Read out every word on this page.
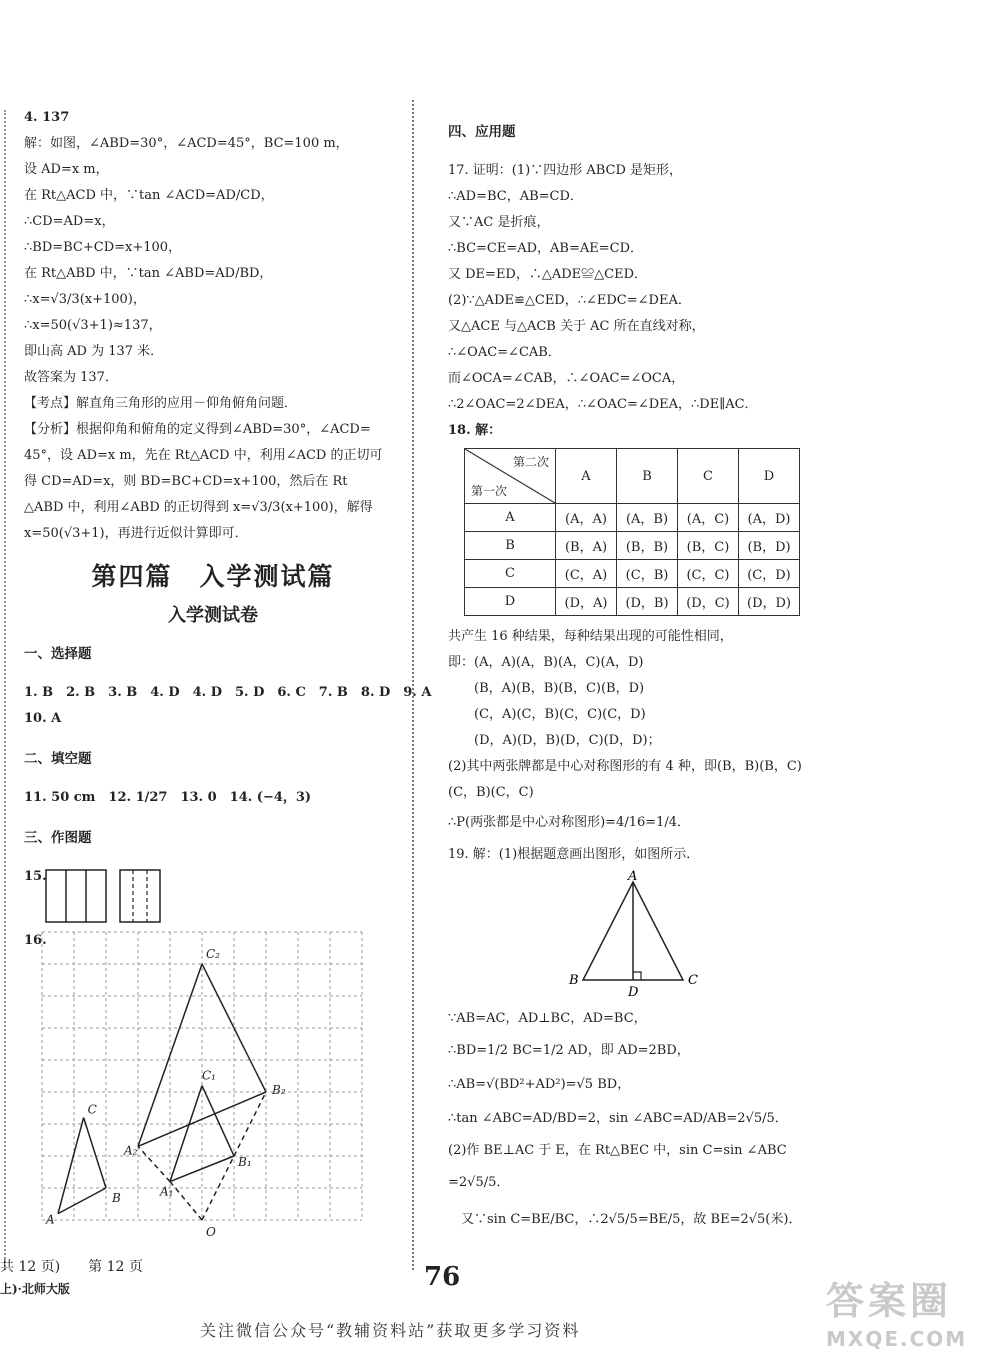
4. 137

解：如图，∠ABD=30°，∠ACD=45°，BC=100 m，

设 AD=x m，

在 Rt△ACD 中，∵tan ∠ACD=AD/CD，

∴CD=AD=x，

∴BD=BC+CD=x+100，

在 Rt△ABD 中，∵tan ∠ABD=AD/BD，

∴x=√3/3(x+100)，

∴x=50(√3+1)≈137，

即山高 AD 为 137 米．

故答案为 137．

【考点】解直角三角形的应用－仰角俯角问题．

【分析】根据仰角和俯角的定义得到∠ABD=30°，∠ACD=

45°，设 AD=x m，先在 Rt△ACD 中，利用∠ACD 的正切可

得 CD=AD=x，则 BD=BC+CD=x+100，然后在 Rt

△ABD 中，利用∠ABD 的正切得到 x=√3/3(x+100)，解得

x=50(√3+1)，再进行近似计算即可．

第四篇　入学测试篇
入学测试卷

一、选择题

1. B　2. B　3. B　4. D　4. D　5. D　6. C　7. B　8. D　9. A

10. A

二、填空题

11. 50 cm　12. 1/27　13. 0　14. (−4，3)

三、作图题

15.
16.
C₂
C₁
B₂
C
A₂
B₁
A₁
B
A
O

四、应用题

17. 证明：(1)∵四边形 ABCD 是矩形，

∴AD=BC，AB=CD．

又∵AC 是折痕，

∴BC=CE=AD，AB=AE=CD．

又 DE=ED，∴△ADE≌△CED．

(2)∵△ADE≌△CED，∴∠EDC=∠DEA．

又△ACE 与△ACB 关于 AC 所在直线对称，

∴∠OAC=∠CAB．

而∠OCA=∠CAB，∴∠OAC=∠OCA，

∴2∠OAC=2∠DEA，∴∠OAC=∠DEA，∴DE∥AC．

18. 解：

第二次
第一次	A	B	C	D
A	(A，A)	(A，B)	(A，C)	(A，D)
B	(B，A)	(B，B)	(B，C)	(B，D)
C	(C，A)	(C，B)	(C，C)	(C，D)
D	(D，A)	(D，B)	(D，C)	(D，D)

共产生 16 种结果，每种结果出现的可能性相同，

即：(A，A)(A，B)(A，C)(A，D)

　　(B，A)(B，B)(B，C)(B，D)

　　(C，A)(C，B)(C，C)(C，D)

　　(D，A)(D，B)(D，C)(D，D)；

(2)其中两张牌都是中心对称图形的有 4 种，即(B，B)(B，C)

(C，B)(C，C)

∴P(两张都是中心对称图形)=4/16=1/4．

19. 解：(1)根据题意画出图形，如图所示．

A
B
D
C

∵AB=AC，AD⊥BC，AD=BC，

∴BD=1/2 BC=1/2 AD，即 AD=2BD，

∴AB=√(BD²+AD²)=√5 BD，

∴tan ∠ABC=AD/BD=2，sin ∠ABC=AD/AB=2√5/5．

(2)作 BE⊥AC 于 E，在 Rt△BEC 中，sin C=sin ∠ABC

=2√5/5．

　又∵sin C=BE/BC，∴2√5/5=BE/5，故 BE=2√5(米)．

共 12 页)　　第 12 页
上)·北师大版	76
答案圈
MXQE.COM
关注微信公众号“教辅资料站”获取更多学习资料
